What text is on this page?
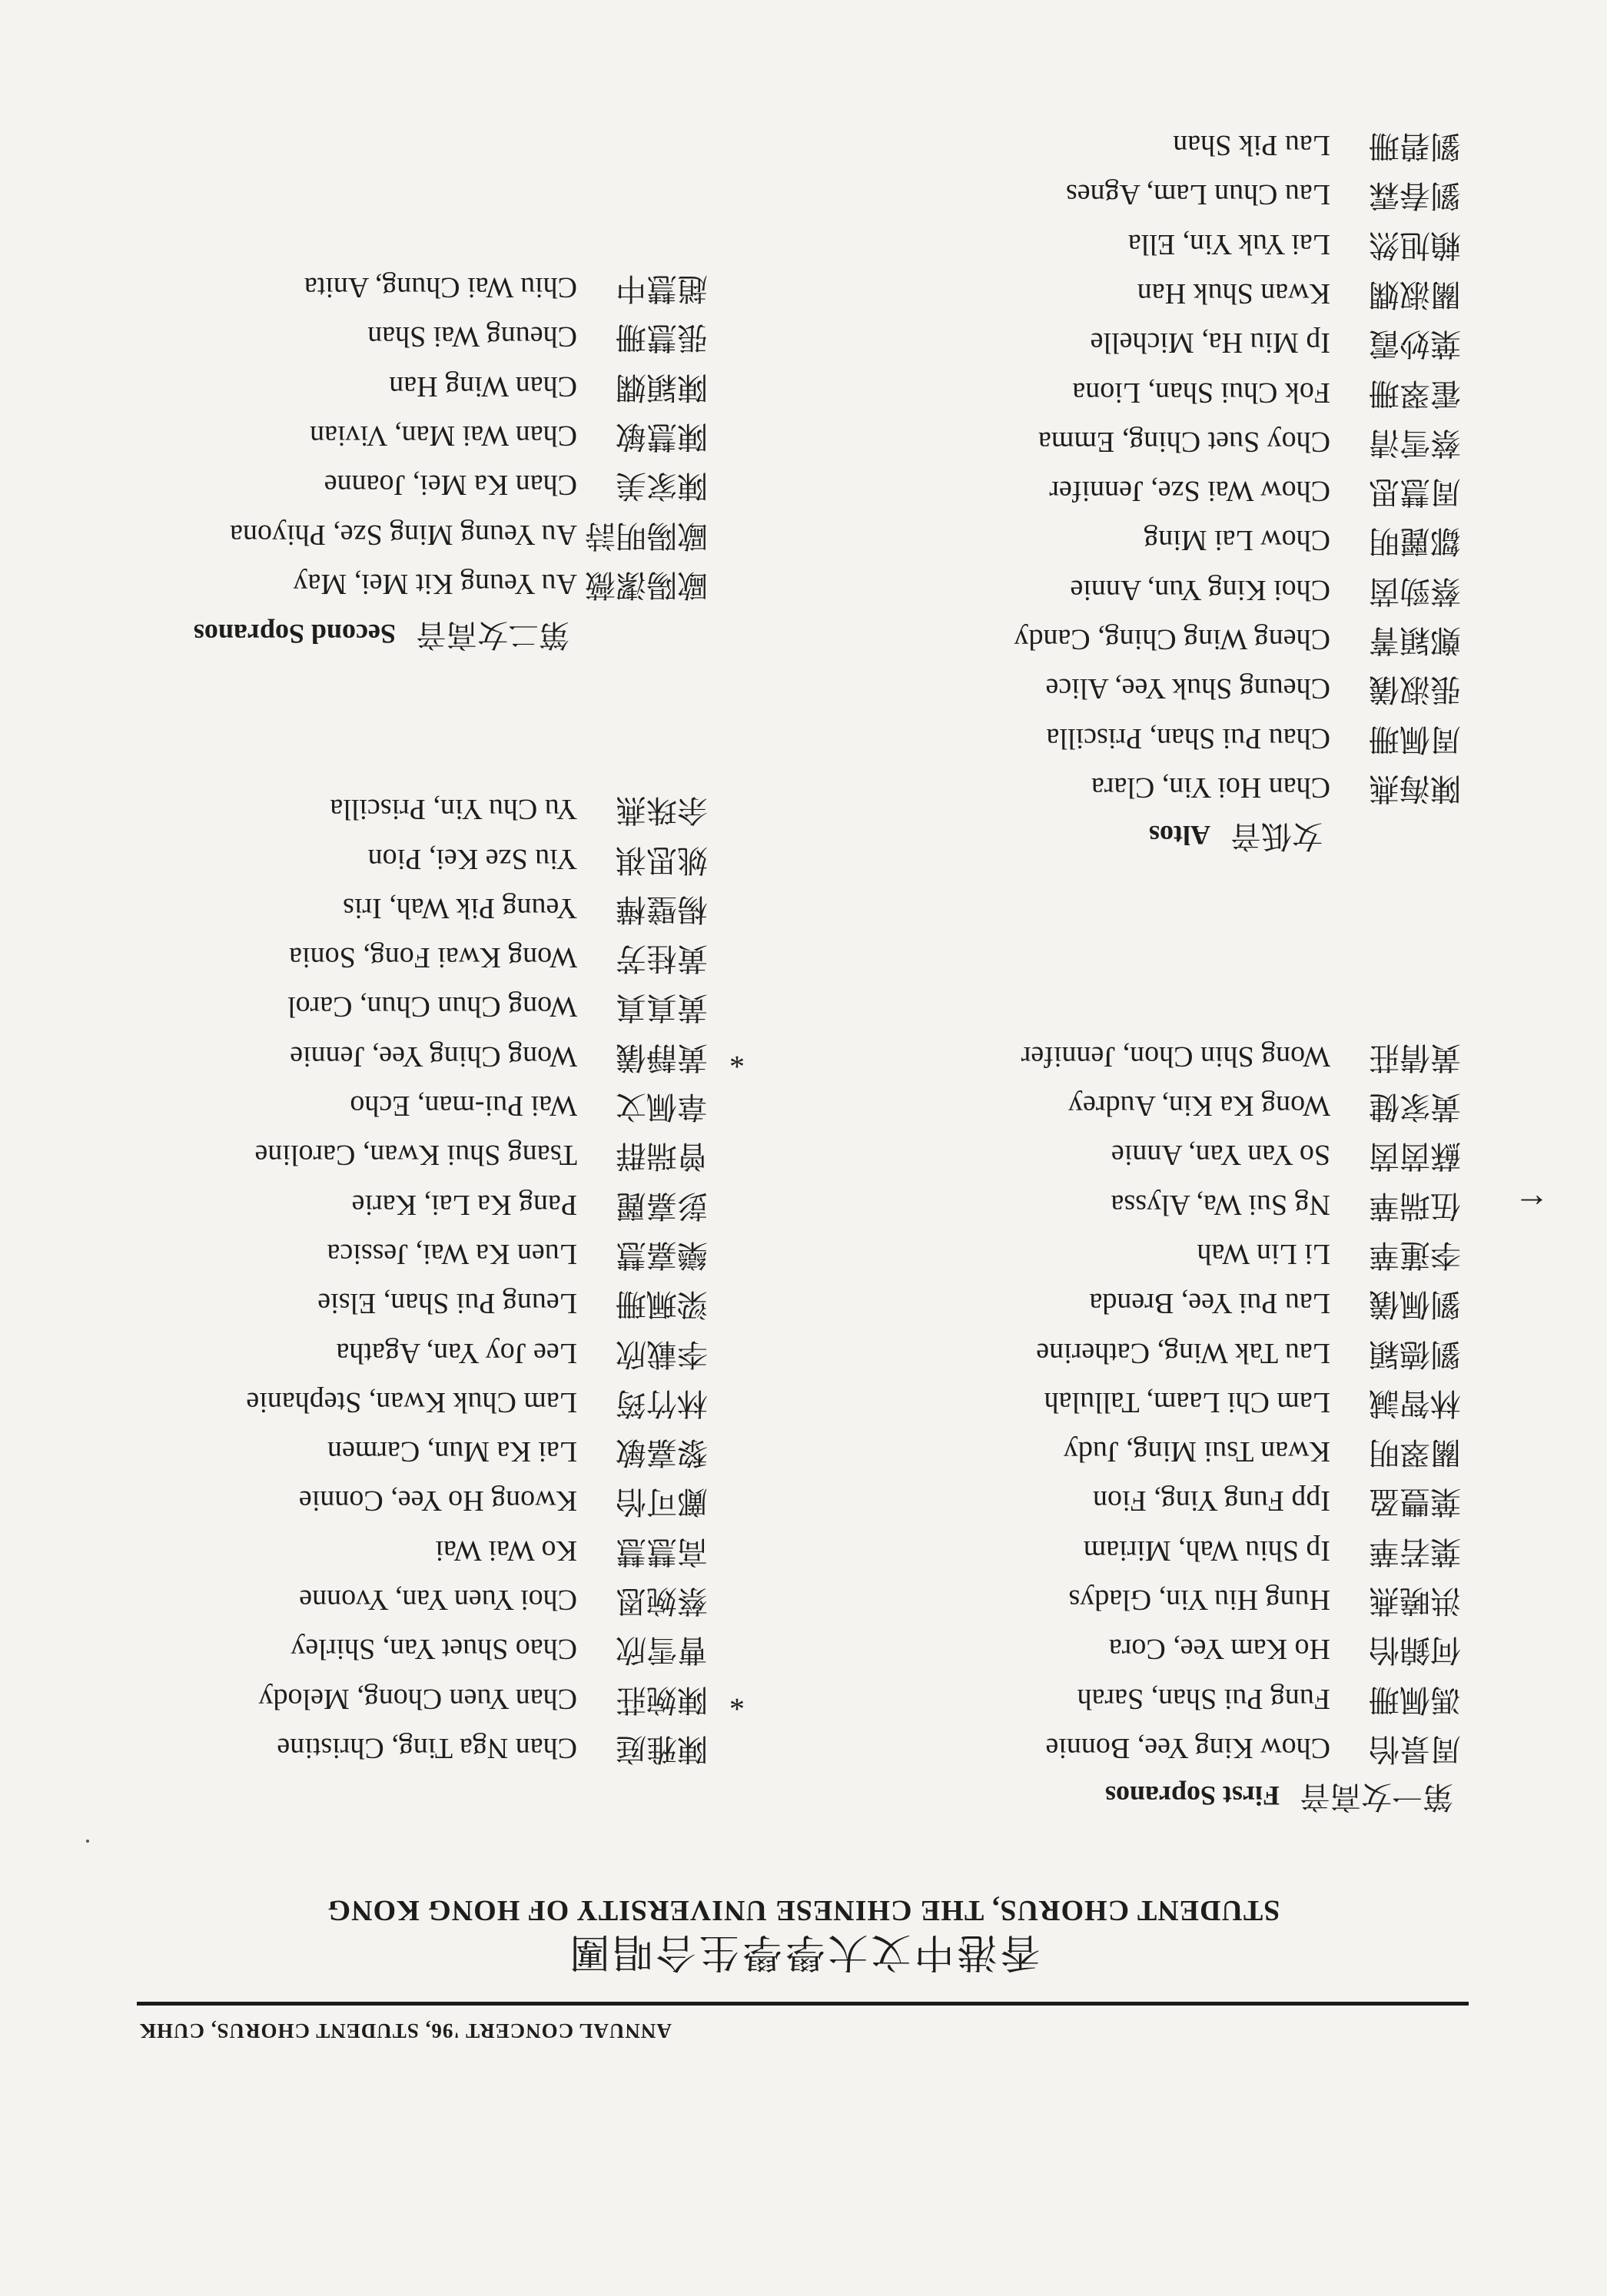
ANNUAL CONCERT '96, STUDENT CHORUS, CUHK
香港中文大學學生合唱團
STUDENT CHORUS, THE CHINESE UNIVERSITY OF HONG KONG
第一女高音First Sopranos
周景怡Chow King Yee, Bonnie
馮佩珊Fung Pui Shan, Sarah
何錦怡Ho Kam Yee, Cora
洪曉燕Hung Hiu Yin, Gladys
葉若華Ip Shiu Wah, Miriam
葉豐盈Ipp Fung Ying, Fion
關翠明Kwan Tsui Ming, Judy
林智諴Lam Chi Laam, Tallulah
劉德穎Lau Tak Wing, Catherine
劉佩儀Lau Pui Yee, Brenda
李蓮華Li Lin Wah
←
伍瑞華Ng Sui Wa, Alyssa
蘇茵茵So Yan Yan, Annie
黃家健Wong Ka Kin, Audrey
黃倩莊Wong Shin Chon, Jennifer
女低音Altos
陳海燕Chan Hoi Yin, Clara
周佩珊Chau Pui Shan, Priscilla
張淑儀Cheung Shuk Yee, Alice
鄭穎菁Cheng Wing Ching, Candy
蔡勁茵Choi King Yun, Annie
鄒麗明Chow Lai Ming
周慧思Chow Wai Sze, Jennifer
蔡雪清Choy Suet Ching, Emma
霍翠珊Fok Chui Shan, Liona
葉妙霞Ip Miu Ha, Michelle
關淑嫻Kwan Shuk Han
賴旭然Lai Yuk Yin, Ella
劉春霖Lau Chun Lam, Agnes
劉碧珊Lau Pik Shan
陳雅庭Chan Nga Ting, Christine
*
陳婉莊Chan Yuen Chong, Melody
曹雪欣Chao Shuet Yan, Shirley
蔡婉恩Choi Yuen Yan, Yvonne
高慧慧Ko Wai Wai
鄺可怡Kwong Ho Yee, Connie
黎嘉敏Lai Ka Mun, Carmen
林竹筠Lam Chuk Kwan, Stephanie
李載欣Lee Joy Yan, Agatha
梁珮珊Leung Pui Shan, Elsie
欒嘉慧Luen Ka Wai, Jessica
彭嘉麗Pang Ka Lai, Karie
曾瑞群Tsang Shui Kwan, Caroline
韋佩文Wai Pui-man, Echo
*
黃靜儀Wong Ching Yee, Jennie
黃真真Wong Chun Chun, Carol
黃桂芳Wong Kwai Fong, Sonia
楊璧樺Yeung Pik Wah, Iris
姚思祺Yiu Sze Kei, Pion
余珠燕Yu Chu Yin, Priscilla
第二女高音Second Sopranos
歐陽潔薇Au Yeung Kit Mei, May
歐陽明詩Au Yeung Ming Sze, Phiyona
陳家美Chan Ka Mei, Joanne
陳慧敏Chan Wai Man, Vivian
陳穎嫻Chan Wing Han
張慧珊Cheung Wai Shan
趙慧中Chiu Wai Chung, Anita
